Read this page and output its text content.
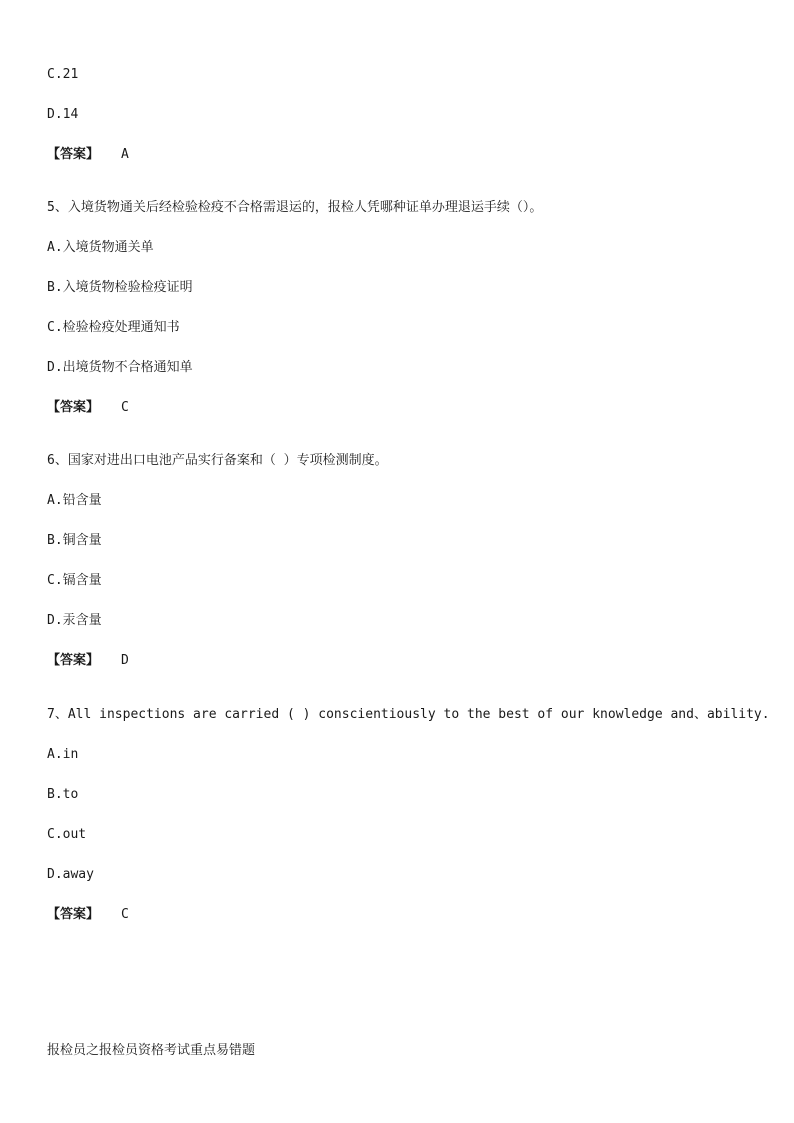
C.21
D.14
【答案】 A
5、入境货物通关后经检验检疫不合格需退运的，报检人凭哪种证单办理退运手续（）。
A.入境货物通关单
B.入境货物检验检疫证明
C.检验检疫处理通知书
D.出境货物不合格通知单
【答案】 C
6、国家对进出口电池产品实行备案和（ ）专项检测制度。
A.铅含量
B.铜含量
C.镉含量
D.汞含量
【答案】 D
7、All inspections are carried ( ) conscientiously to the best of our knowledge and、ability.
A.in
B.to
C.out
D.away
【答案】 C
报检员之报检员资格考试重点易错题
